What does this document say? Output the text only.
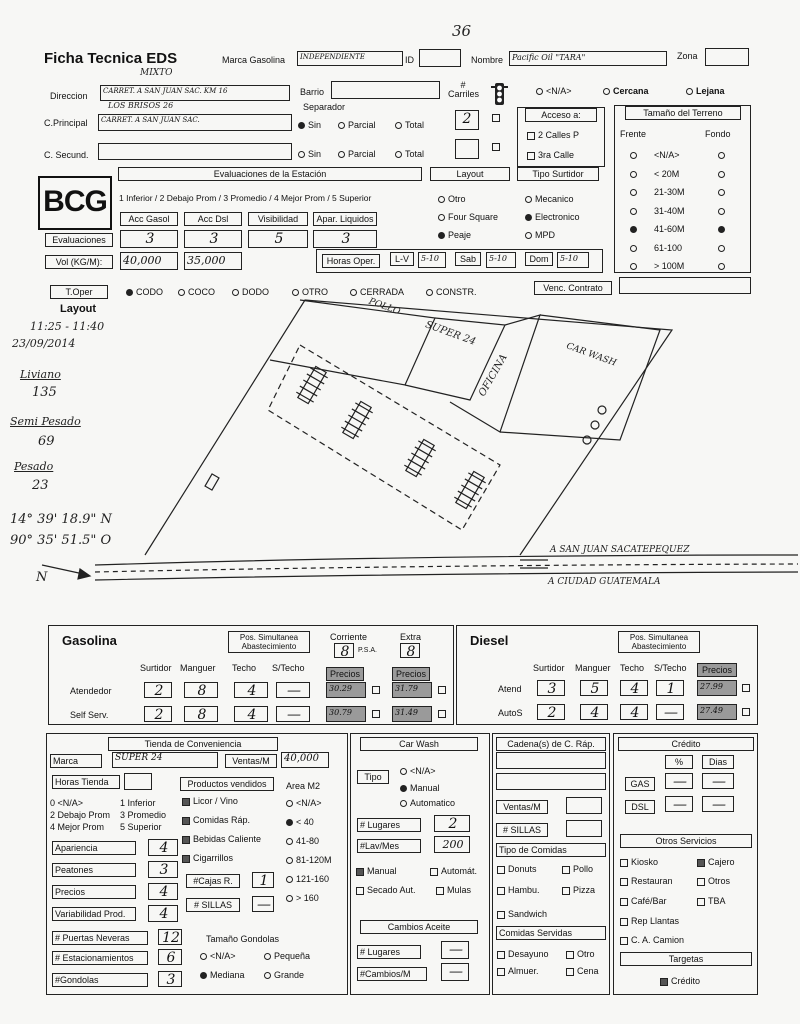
36
Ficha Tecnica EDS	Marca Gasolina	INDEPENDIENTE	ID	Nombre	Pacific Oil "TARA"	Zona
MIXTO
Direccion	CARRET. A SAN JUAN SAC. KM 16
LOS BRISOS 26
Barrio
Separador
# Carriles
C.Principal	CARRET. A SAN JUAN SAC.
C. Secund.
Sin	Parcial	Total	2
Sin	Parcial	Total
<N/A>	Cercana	Lejana
Acceso a:
2 Calles P
3ra Calle
Tamaño del Terreno
Frente	Fondo
<N/A>
< 20M
21-30M
31-40M
41-60M
61-100
> 100M
BCG
Evaluaciones de la Estación
1 Inferior / 2 Debajo Prom / 3 Promedio / 4 Mejor Prom / 5 Superior
Acc Gasol	Acc Dsl	Visibilidad	Apar. Liquidos
Evaluaciones	3	3	5	3
Vol (KG/M):	40,000	35,000
Layout	Tipo Surtidor
Otro
Four Square
Peaje
Mecanico
Electronico
MPD
Horas Oper.	L-V	5-10	Sab	5-10	Dom	5-10
T.Oper	CODO	COCO	DODO	OTRO	CERRADA	CONSTR.	Venc. Contrato
Layout
11:25 - 11:40
23/09/2014
Liviano
135
Semi Pesado
69
Pesado
23
14° 39' 18.9" N
90° 35' 51.5" O
N
POLLO
SUPER 24
OFICINA	CAR WASH
A SAN JUAN SACATEPEQUEZ
A CIUDAD GUATEMALA
Gasolina	Pos. Simultanea Abastecimiento
Corriente
8	P.S.A.
Extra
8
Surtidor Manguer Techo S/Techo
Precios	Precios
Atendedor	2	8	4	—	30.29	31.79
Self Serv.	2	8	4	—	30.79	31.49
Diesel	Pos. Simultanea Abastecimiento
Surtidor Manguer Techo S/Techo	Precios
Atend	3	5	4	1	27.99
AutoS	2	4	4	—	27.49
Tienda de Conveniencia
Marca	SUPER 24	Ventas/M	40,000
Horas Tienda	Productos vendidos	Area M2
0 <N/A>	1 Inferior
2 Debajo Prom 3 Promedio
4 Mejor Prom 5 Superior
Licor / Vino
Comidas Ráp.
Bebidas Caliente
Cigarrillos
<N/A>
< 40
41-80
81-120M
121-160
> 160
Apariencia	4
Peatones	3
Precios	4
Variabilidad Prod.	4
#Cajas R.	1
# SILLAS	—
# Puertas Neveras	12
# Estacionamientos	6
#Gondolas	3
Tamaño Gondolas
<N/A>	Pequeña
Mediana	Grande
Car Wash
Tipo
<N/A>
Manual
Automatico
# Lugares	2
#Lav/Mes	200
Manual	Automát.
Secado Aut.	Mulas
Cambios Aceite
# Lugares	—
#Cambios/M	—
Cadena(s) de C. Ráp.
Ventas/M
# SILLAS
Tipo de Comidas
Donuts	Pollo
Hambu.	Pizza
Sandwich
Comidas Servidas
Desayuno	Otro
Almuer.	Cena
Crédito
%	Dias
GAS	—	—
DSL	—	—
Otros Servicios
Kiosko	Cajero
Restauran	Otros
Café/Bar	TBA
Rep Llantas
C. A. Camion
Targetas
Crédito
